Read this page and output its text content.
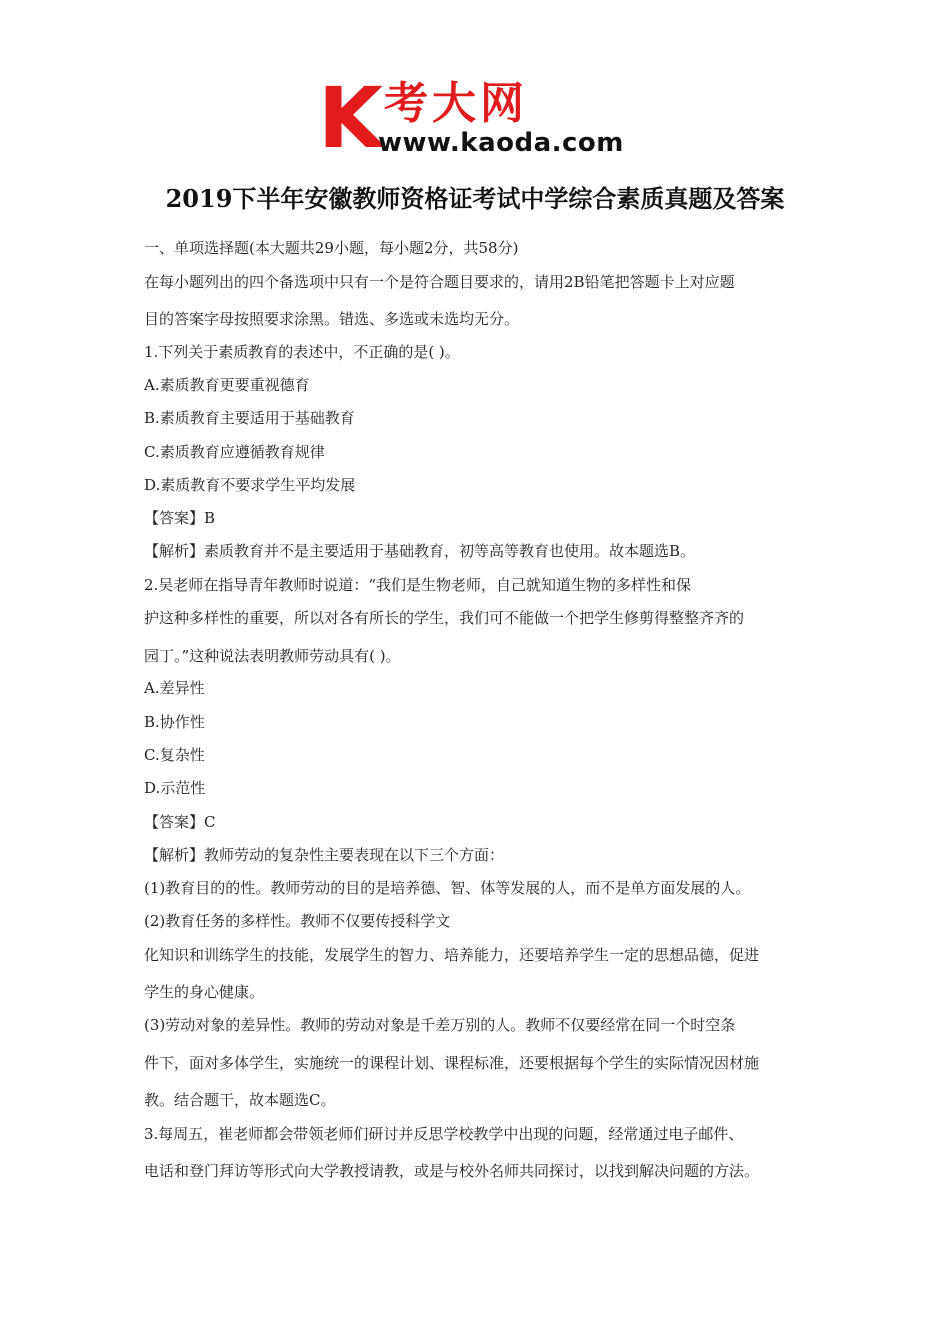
K 考大网
www.kaoda.com
2019下半年安徽教师资格证考试中学综合素质真题及答案
一、单项选择题(本大题共29小题，每小题2分，共58分)
在每小题列出的四个备选项中只有一个是符合题目要求的，请用2B铅笔把答题卡上对应题
目的答案字母按照要求涂黑。错选、多选或未选均无分。
1.下列关于素质教育的表述中，不正确的是( )。
A.素质教育更要重视德育
B.素质教育主要适用于基础教育
C.素质教育应遵循教育规律
D.素质教育不要求学生平均发展
【答案】B
【解析】素质教育并不是主要适用于基础教育，初等高等教育也使用。故本题选B。
2.吴老师在指导青年教师时说道：“我们是生物老师，自己就知道生物的多样性和保
护这种多样性的重要，所以对各有所长的学生，我们可不能做一个把学生修剪得整整齐齐的
园丁。”这种说法表明教师劳动具有( )。
A.差异性
B.协作性
C.复杂性
D.示范性
【答案】C
【解析】教师劳动的复杂性主要表现在以下三个方面：
(1)教育目的的性。教师劳动的目的是培养德、智、体等发展的人，而不是单方面发展的人。
(2)教育任务的多样性。教师不仅要传授科学文
化知识和训练学生的技能，发展学生的智力、培养能力，还要培养学生一定的思想品德，促进
学生的身心健康。
(3)劳动对象的差异性。教师的劳动对象是千差万别的人。教师不仅要经常在同一个时空条
件下，面对多体学生，实施统一的课程计划、课程标准，还要根据每个学生的实际情况因材施
教。结合题干，故本题选C。
3.每周五，崔老师都会带领老师们研讨并反思学校教学中出现的问题，经常通过电子邮件、
电话和登门拜访等形式向大学教授请教，或是与校外名师共同探讨，以找到解决问题的方法。
